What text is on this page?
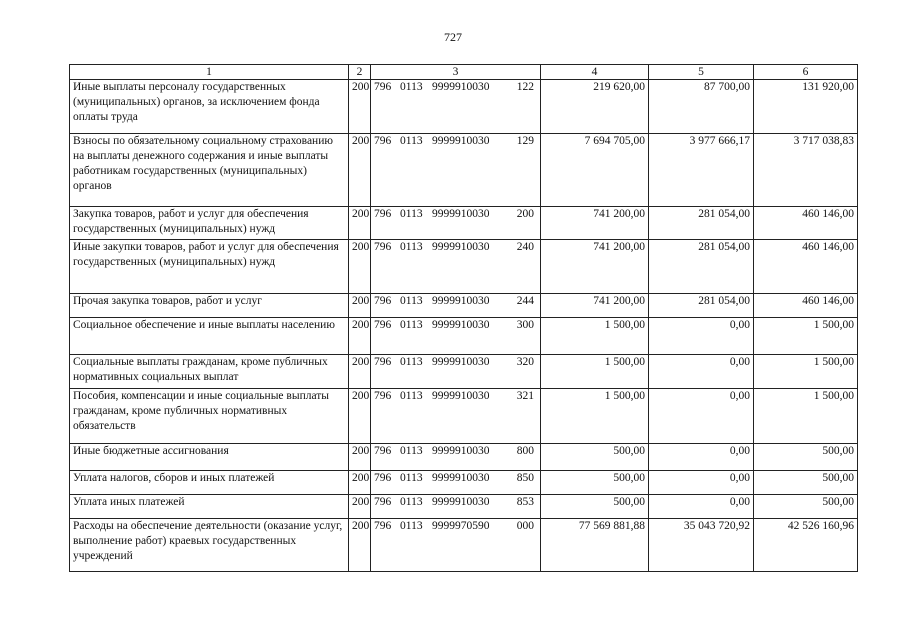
727
1	2	3	4	5	6
Иные выплаты персоналу государственных (муниципальных) органов, за исключением фонда оплаты труда	200	796 0113 9999910030 122	219 620,00	87 700,00	131 920,00
Взносы по обязательному социальному страхованию на выплаты денежного содержания и иные выплаты работникам государственных (муниципальных) органов	200	796 0113 9999910030 129	7 694 705,00	3 977 666,17	3 717 038,83
Закупка товаров, работ и услуг для обеспечения государственных (муниципальных) нужд	200	796 0113 9999910030 200	741 200,00	281 054,00	460 146,00
Иные закупки товаров, работ и услуг для обеспечения государственных (муниципальных) нужд	200	796 0113 9999910030 240	741 200,00	281 054,00	460 146,00
Прочая закупка товаров, работ и услуг	200	796 0113 9999910030 244	741 200,00	281 054,00	460 146,00
Социальное обеспечение и иные выплаты населению	200	796 0113 9999910030 300	1 500,00	0,00	1 500,00
Социальные выплаты гражданам, кроме публичных нормативных социальных выплат	200	796 0113 9999910030 320	1 500,00	0,00	1 500,00
Пособия, компенсации и иные социальные выплаты гражданам, кроме публичных нормативных обязательств	200	796 0113 9999910030 321	1 500,00	0,00	1 500,00
Иные бюджетные ассигнования	200	796 0113 9999910030 800	500,00	0,00	500,00
Уплата налогов, сборов и иных платежей	200	796 0113 9999910030 850	500,00	0,00	500,00
Уплата иных платежей	200	796 0113 9999910030 853	500,00	0,00	500,00
Расходы на обеспечение деятельности (оказание услуг, выполнение работ) краевых государственных учреждений	200	796 0113 9999970590 000	77 569 881,88	35 043 720,92	42 526 160,96
